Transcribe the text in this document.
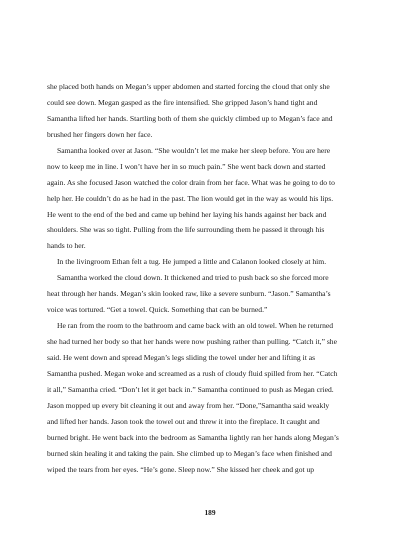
she placed both hands on Megan’s upper abdomen and started forcing the cloud that only she
could see down. Megan gasped as the fire intensified. She gripped Jason’s hand tight and
Samantha lifted her hands. Startling both of them she quickly climbed up to Megan’s face and
brushed her fingers down her face.
Samantha looked over at Jason. “She wouldn’t let me make her sleep before. You are here
now to keep me in line. I won’t have her in so much pain.” She went back down and started
again. As she focused Jason watched the color drain from her face. What was he going to do to
help her. He couldn’t do as he had in the past. The lion would get in the way as would his lips.
He went to the end of the bed and came up behind her laying his hands against her back and
shoulders. She was so tight. Pulling from the life surrounding them he passed it through his
hands to her.
In the livingroom Ethan felt a tug. He jumped a little and Calanon looked closely at him.
Samantha worked the cloud down. It thickened and tried to push back so she forced more
heat through her hands. Megan’s skin looked raw, like a severe sunburn. “Jason.” Samantha’s
voice was tortured. “Get a towel. Quick. Something that can be burned.”
He ran from the room to the bathroom and came back with an old towel. When he returned
she had turned her body so that her hands were now pushing rather than pulling. “Catch it,” she
said. He went down and spread Megan’s legs sliding the towel under her and lifting it as
Samantha pushed. Megan woke and screamed as a rush of cloudy fluid spilled from her. “Catch
it all,” Samantha cried. “Don’t let it get back in.” Samantha continued to push as Megan cried.
Jason mopped up every bit cleaning it out and away from her. “Done,”Samantha said weakly
and lifted her hands. Jason took the towel out and threw it into the fireplace. It caught and
burned bright. He went back into the bedroom as Samantha lightly ran her hands along Megan’s
burned skin healing it and taking the pain. She climbed up to Megan’s face when finished and
wiped the tears from her eyes. “He’s gone. Sleep now.” She kissed her cheek and got up
189
